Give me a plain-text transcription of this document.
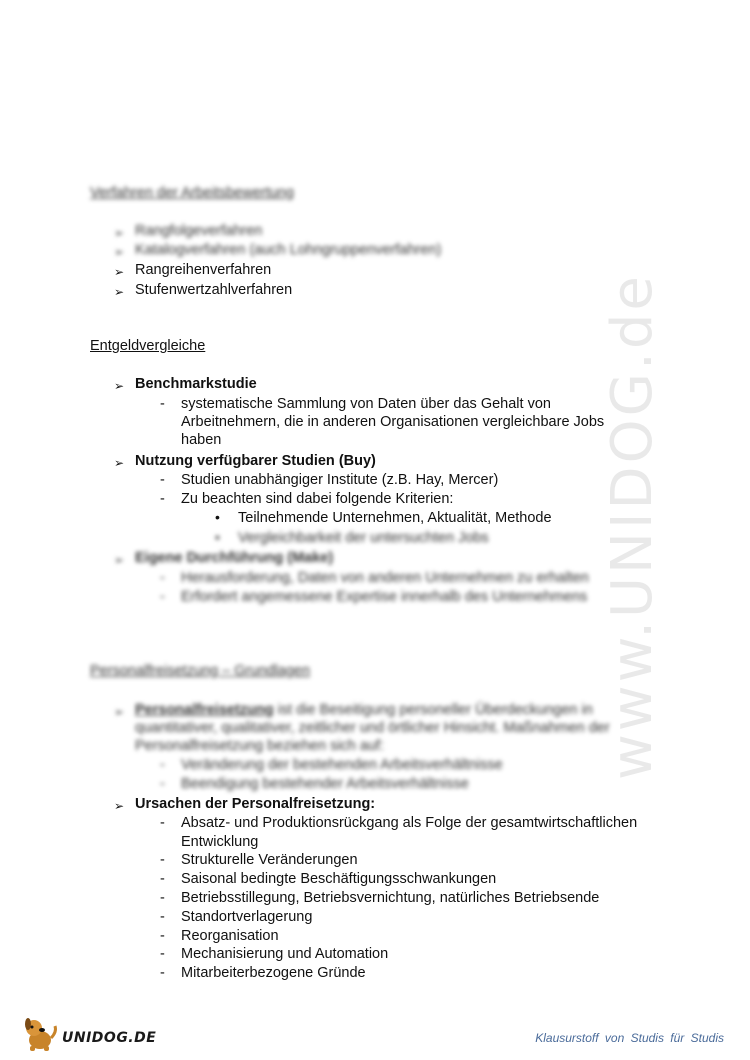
www.UNIDOG.de
Verfahren der Arbeitsbewertung
➢ Rangfolgeverfahren
➢ Katalogverfahren (auch Lohngruppenverfahren)
➢ Rangreihenverfahren
➢ Stufenwertzahlverfahren
Entgeldvergleiche
➢ Benchmarkstudie
- systematische Sammlung von Daten über das Gehalt von
Arbeitnehmern, die in anderen Organisationen vergleichbare Jobs
haben
➢ Nutzung verfügbarer Studien (Buy)
- Studien unabhängiger Institute (z.B. Hay, Mercer)
- Zu beachten sind dabei folgende Kriterien:
• Teilnehmende Unternehmen, Aktualität, Methode
• Vergleichbarkeit der untersuchten Jobs
➢ Eigene Durchführung (Make)
- Herausforderung, Daten von anderen Unternehmen zu erhalten
- Erfordert angemessene Expertise innerhalb des Unternehmens
Personalfreisetzung – Grundlagen
➢ Personalfreisetzung ist die Beseitigung personeller Überdeckungen in
quantitativer, qualitativer, zeitlicher und örtlicher Hinsicht. Maßnahmen der
Personalfreisetzung beziehen sich auf:
- Veränderung der bestehenden Arbeitsverhältnisse
- Beendigung bestehender Arbeitsverhältnisse
➢ Ursachen der Personalfreisetzung:
- Absatz- und Produktionsrückgang als Folge der gesamtwirtschaftlichen
Entwicklung
- Strukturelle Veränderungen
- Saisonal bedingte Beschäftigungsschwankungen
- Betriebsstillegung, Betriebsvernichtung, natürliches Betriebsende
- Standortverlagerung
- Reorganisation
- Mechanisierung und Automation
- Mitarbeiterbezogene Gründe
UNIDOG.DE	Klausurstoff von Studis für Studis
